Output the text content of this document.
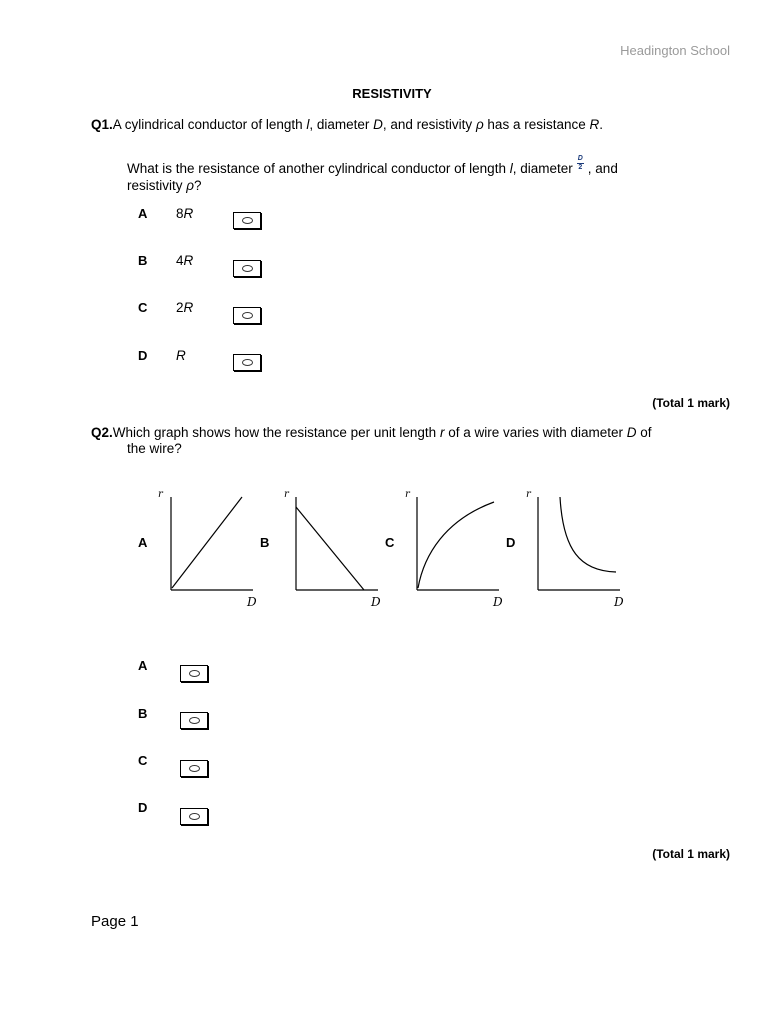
Headington School
RESISTIVITY
Q1.A cylindrical conductor of length l, diameter D, and resistivity ρ has a resistance R.
What is the resistance of another cylindrical conductor of length l, diameter $\frac{D}{2}$ , and
resistivity ρ?
A 8R
B 4R
C 2R
D R
(Total 1 mark)
Q2.Which graph shows how the resistance per unit length r of a wire varies with diameter D of
the wire?
A	B	C	D
r
D
r
D
r
D
r
D
A
B
C
D
(Total 1 mark)
Page 1
